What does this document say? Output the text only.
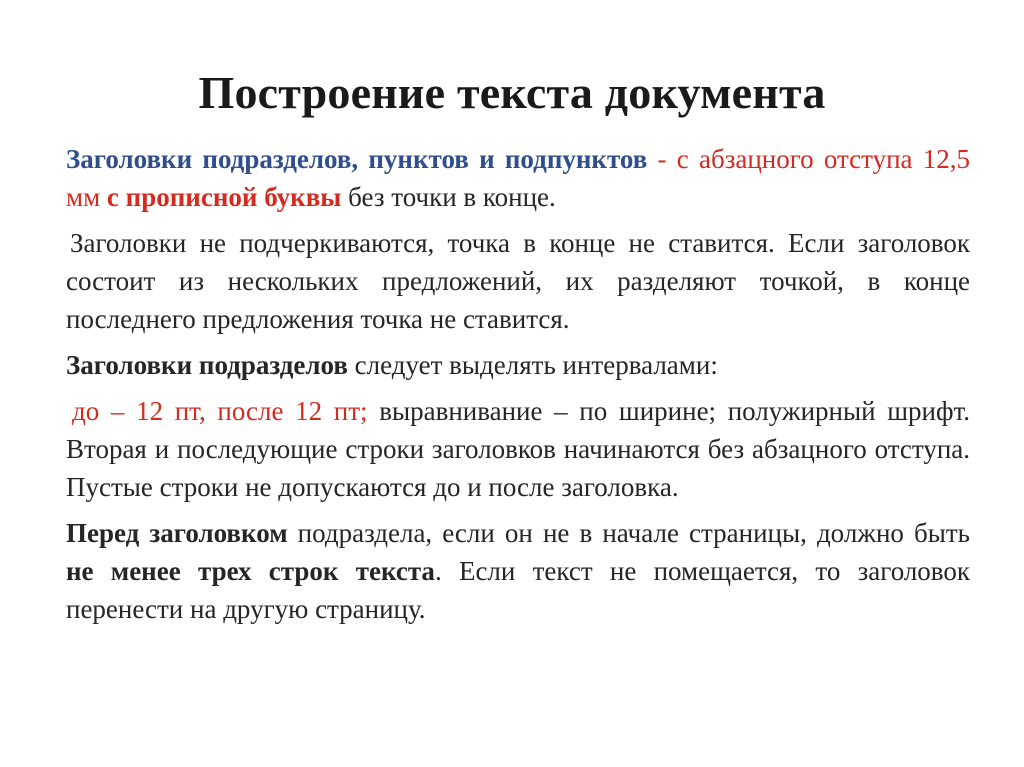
Построение текста документа

Заголовки подразделов, пунктов и подпунктов - с абзацного отступа 12,5 мм с прописной буквы без точки в конце.

Заголовки не подчеркиваются, точка в конце не ставится. Если заголовок состоит из нескольких предложений, их разделяют точкой, в конце последнего предложения точка не ставится.

Заголовки подразделов следует выделять интервалами:

до – 12 пт, после 12 пт; выравнивание – по ширине; полужирный шрифт. Вторая и последующие строки заголовков начинаются без абзацного отступа. Пустые строки не допускаются до и после заголовка.

Перед заголовком подраздела, если он не в начале страницы, должно быть не менее трех строк текста. Если текст не помещается, то заголовок перенести на другую страницу.
